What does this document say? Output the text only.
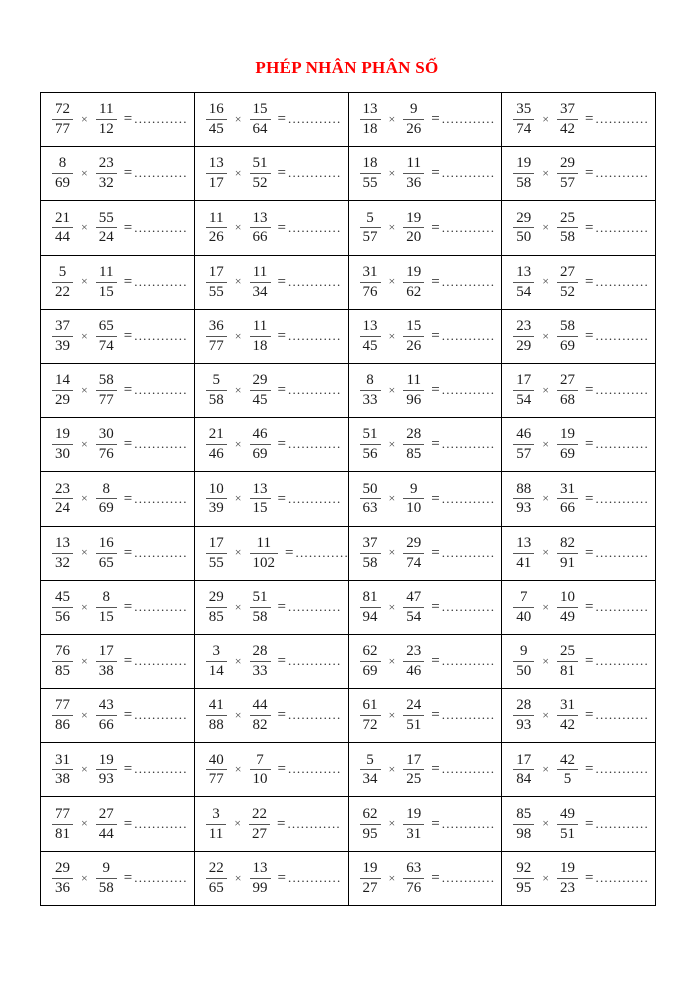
PHÉP NHÂN PHÂN SỐ
$\frac{72}{77} \times \frac{11}{12}$ = ............	$\frac{16}{45} \times \frac{15}{64}$ = ............	$\frac{13}{18} \times \frac{9}{26}$ = ............	$\frac{35}{74} \times \frac{37}{42}$ = ............

$\frac{8}{69} \times \frac{23}{32}$ = ............	$\frac{13}{17} \times \frac{51}{52}$ = ............	$\frac{18}{55} \times \frac{11}{36}$ = ............	$\frac{19}{58} \times \frac{29}{57}$ = ............

$\frac{21}{44} \times \frac{55}{24}$ = ............	$\frac{11}{26} \times \frac{13}{66}$ = ............	$\frac{5}{57} \times \frac{19}{20}$ = ............	$\frac{29}{50} \times \frac{25}{58}$ = ............

$\frac{5}{22} \times \frac{11}{15}$ = ............	$\frac{17}{55} \times \frac{11}{34}$ = ............	$\frac{31}{76} \times \frac{19}{62}$ = ............	$\frac{13}{54} \times \frac{27}{52}$ = ............

$\frac{37}{39} \times \frac{65}{74}$ = ............	$\frac{36}{77} \times \frac{11}{18}$ = ............	$\frac{13}{45} \times \frac{15}{26}$ = ............	$\frac{23}{29} \times \frac{58}{69}$ = ............

$\frac{14}{29} \times \frac{58}{77}$ = ............	$\frac{5}{58} \times \frac{29}{45}$ = ............	$\frac{8}{33} \times \frac{11}{96}$ = ............	$\frac{17}{54} \times \frac{27}{68}$ = ............

$\frac{19}{30} \times \frac{30}{76}$ = ............	$\frac{21}{46} \times \frac{46}{69}$ = ............	$\frac{51}{56} \times \frac{28}{85}$ = ............	$\frac{46}{57} \times \frac{19}{69}$ = ............

$\frac{23}{24} \times \frac{8}{69}$ = ............	$\frac{10}{39} \times \frac{13}{15}$ = ............	$\frac{50}{63} \times \frac{9}{10}$ = ............	$\frac{88}{93} \times \frac{31}{66}$ = ............

$\frac{13}{32} \times \frac{16}{65}$ = ............	$\frac{17}{55} \times \frac{11}{102}$ = ............	$\frac{37}{58} \times \frac{29}{74}$ = ............	$\frac{13}{41} \times \frac{82}{91}$ = ............

$\frac{45}{56} \times \frac{8}{15}$ = ............	$\frac{29}{85} \times \frac{51}{58}$ = ............	$\frac{81}{94} \times \frac{47}{54}$ = ............	$\frac{7}{40} \times \frac{10}{49}$ = ............

$\frac{76}{85} \times \frac{17}{38}$ = ............	$\frac{3}{14} \times \frac{28}{33}$ = ............	$\frac{62}{69} \times \frac{23}{46}$ = ............	$\frac{9}{50} \times \frac{25}{81}$ = ............

$\frac{77}{86} \times \frac{43}{66}$ = ............	$\frac{41}{88} \times \frac{44}{82}$ = ............	$\frac{61}{72} \times \frac{24}{51}$ = ............	$\frac{28}{93} \times \frac{31}{42}$ = ............

$\frac{31}{38} \times \frac{19}{93}$ = ............	$\frac{40}{77} \times \frac{7}{10}$ = ............	$\frac{5}{34} \times \frac{17}{25}$ = ............	$\frac{17}{84} \times \frac{42}{5}$ = ............

$\frac{77}{81} \times \frac{27}{44}$ = ............	$\frac{3}{11} \times \frac{22}{27}$ = ............	$\frac{62}{95} \times \frac{19}{31}$ = ............	$\frac{85}{98} \times \frac{49}{51}$ = ............

$\frac{29}{36} \times \frac{9}{58}$ = ............	$\frac{22}{65} \times \frac{13}{99}$ = ............	$\frac{19}{27} \times \frac{63}{76}$ = ............	$\frac{92}{95} \times \frac{19}{23}$ = ............
